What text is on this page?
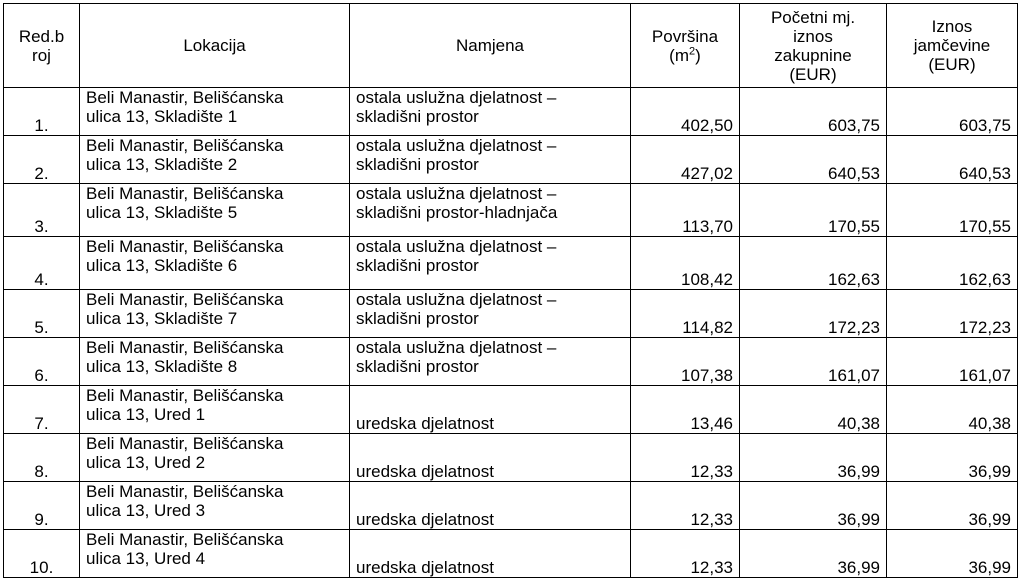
Red.b
roj	Lokacija	Namjena	Površina
$(m^2)$	Početni mj.
iznos
zakupnine
(EUR)	Iznos
jamčevine
(EUR)

1.	Beli Manastir, Belišćanska
ulica 13, Skladište 1	ostala uslužna djelatnost –
skladišni prostor	402,50	603,75	603,75

2.	Beli Manastir, Belišćanska
ulica 13, Skladište 2	ostala uslužna djelatnost –
skladišni prostor	427,02	640,53	640,53

3.	Beli Manastir, Belišćanska
ulica 13, Skladište 5	ostala uslužna djelatnost –
skladišni prostor-hladnjača	113,70	170,55	170,55

4.	Beli Manastir, Belišćanska
ulica 13, Skladište 6	ostala uslužna djelatnost –
skladišni prostor	108,42	162,63	162,63

5.	Beli Manastir, Belišćanska
ulica 13, Skladište 7	ostala uslužna djelatnost –
skladišni prostor	114,82	172,23	172,23

6.	Beli Manastir, Belišćanska
ulica 13, Skladište 8	ostala uslužna djelatnost –
skladišni prostor	107,38	161,07	161,07

7.	Beli Manastir, Belišćanska
ulica 13, Ured 1	uredska djelatnost	13,46	40,38	40,38

8.	Beli Manastir, Belišćanska
ulica 13, Ured 2	uredska djelatnost	12,33	36,99	36,99

9.	Beli Manastir, Belišćanska
ulica 13, Ured 3	uredska djelatnost	12,33	36,99	36,99

10.	Beli Manastir, Belišćanska
ulica 13, Ured 4	uredska djelatnost	12,33	36,99	36,99
